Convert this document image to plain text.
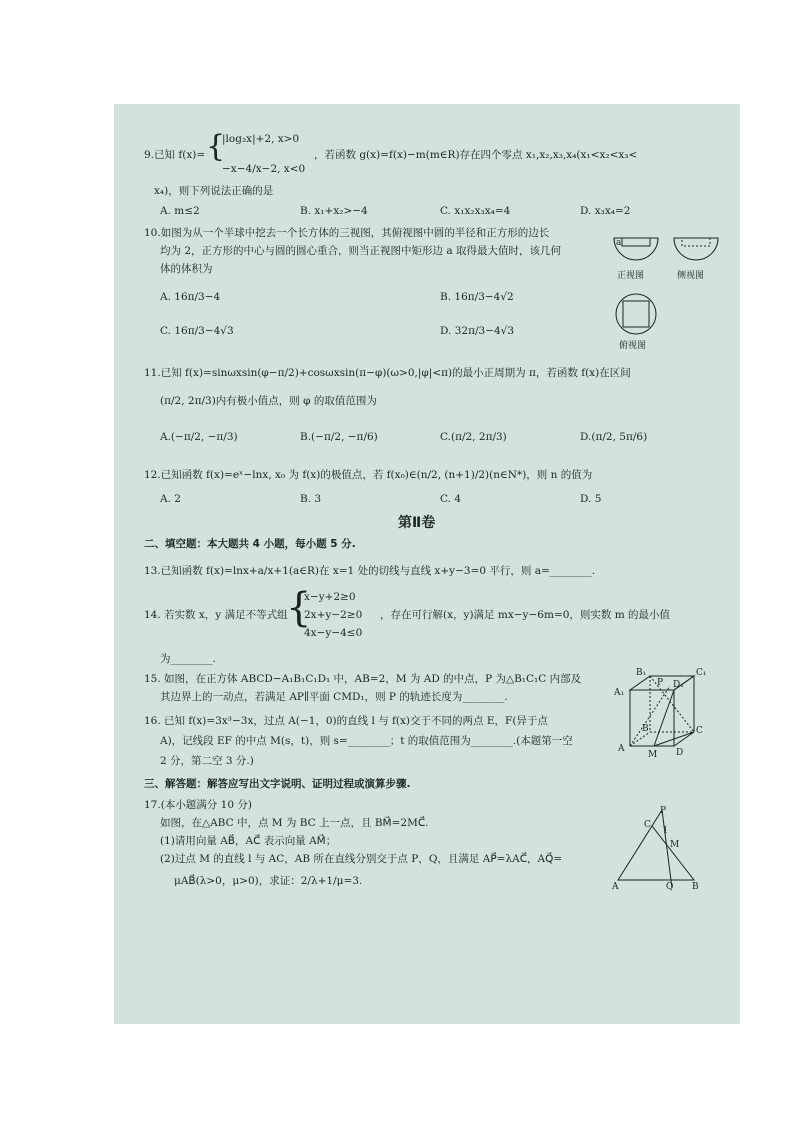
9.已知 f(x)= {
|log₂x|+2, x>0
−x−4/x−2, x<0
，若函数 g(x)=f(x)−m(m∈R)存在四个零点 x₁,x₂,x₃,x₄(x₁<x₂<x₃<
x₄)，则下列说法正确的是
A. m≤2	B. x₁+x₂>−4	C. x₁x₂x₃x₄=4	D. x₃x₄=2
10.如图为从一个半球中挖去一个长方体的三视图，其俯视图中圆的半径和正方形的边长
均为 2，正方形的中心与圆的圆心重合，则当正视图中矩形边 a 取得最大值时，该几何
体的体积为
A. 16π/3−4	B. 16π/3−4√2
C. 16π/3−4√3	D. 32π/3−4√3
a
正视图	侧视图
俯视图
11.已知 f(x)=sinωxsin(φ−π/2)+cosωxsin(π−φ)(ω>0,|φ|<π)的最小正周期为 π，若函数 f(x)在区间
(π/2, 2π/3)内有极小值点，则 φ 的取值范围为
A.(−π/2, −π/3)	B.(−π/2, −π/6)	C.(π/2, 2π/3)	D.(π/2, 5π/6)
12.已知函数 f(x)=eˣ−lnx, x₀ 为 f(x)的极值点，若 f(x₀)∈(n/2, (n+1)/2)(n∈N*)，则 n 的值为
A. 2	B. 3	C. 4	D. 5
第Ⅱ卷
二、填空题：本大题共 4 小题，每小题 5 分.
13.已知函数 f(x)=lnx+a/x+1(a∈R)在 x=1 处的切线与直线 x+y−3=0 平行，则 a=________.
14. 若实数 x，y 满足不等式组
{
x−y+2≥0
2x+y−2≥0
4x−y−4≤0
，存在可行解(x，y)满足 mx−y−6m=0，则实数 m 的最小值
为________.
15. 如图，在正方体 ABCD−A₁B₁C₁D₁ 中，AB=2，M 为 AD 的中点，P 为△B₁C₁C 内部及
其边界上的一动点，若满足 AP∥平面 CMD₁，则 P 的轨迹长度为________.
16. 已知 f(x)=3x³−3x，过点 A(−1，0)的直线 l 与 f(x)交于不同的两点 E，F(异于点
A)，记线段 EF 的中点 M(s，t)，则 s=________；t 的取值范围为________.(本题第一空
2 分，第二空 3 分.)
B₁
P D₁
C₁
A₁
B	C
A
M D
三、解答题：解答应写出文字说明、证明过程或演算步骤.
17.(本小题满分 10 分)
如图，在△ABC 中，点 M 为 BC 上一点，且 BM⃗=2MC⃗.
(1)请用向量 AB⃗，AC⃗ 表示向量 AM⃗；
(2)过点 M 的直线 l 与 AC，AB 所在直线分别交于点 P，Q，且满足 AP⃗=λAC⃗，AQ⃗=
μAB⃗(λ>0，μ>0)，求证：2/λ+1/μ=3.
P
C
l
M
A	Q B
